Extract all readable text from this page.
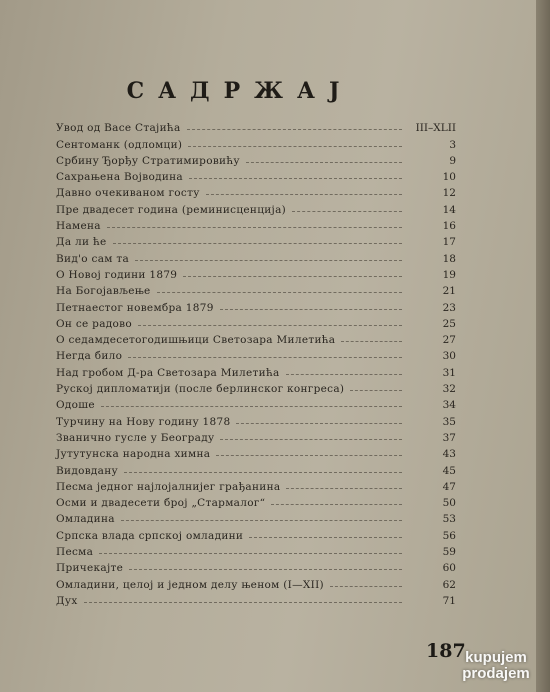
САДРЖАЈ
Увод од Васе Стајића	III–XLII
Сентоманк (одломци)	3
Србину Ђорђу Стратимировићу	9
Сахрањена Војводина	10
Давно очекиваном госту	12
Пре двадесет година (реминисценција)	14
Намена	16
Да ли ће	17
Вид'о сам та	18
О Новој години 1879	19
На Богојављење	21
Петнаестог новембра 1879	23
Он се радово	25
О седамдесетогодишњици Светозара Милетића	27
Негда било	30
Над гробом Д-ра Светозара Милетића	31
Руској дипломатији (после берлинског конгреса)	32
Одоше	34
Турчину на Нову годину 1878	35
Званично гусле у Београду	37
Јутутунска народна химна	43
Видовдану	45
Песма једног најлојалнијег грађанина	47
Осми и двадесети број „Стармалог“	50
Омладина	53
Српска влада српској омладини	56
Песма	59
Причекајте	60
Омладини, целој и једном делу њеном (I—XII)	62
Дух	71
187 kupujem
prodajem
